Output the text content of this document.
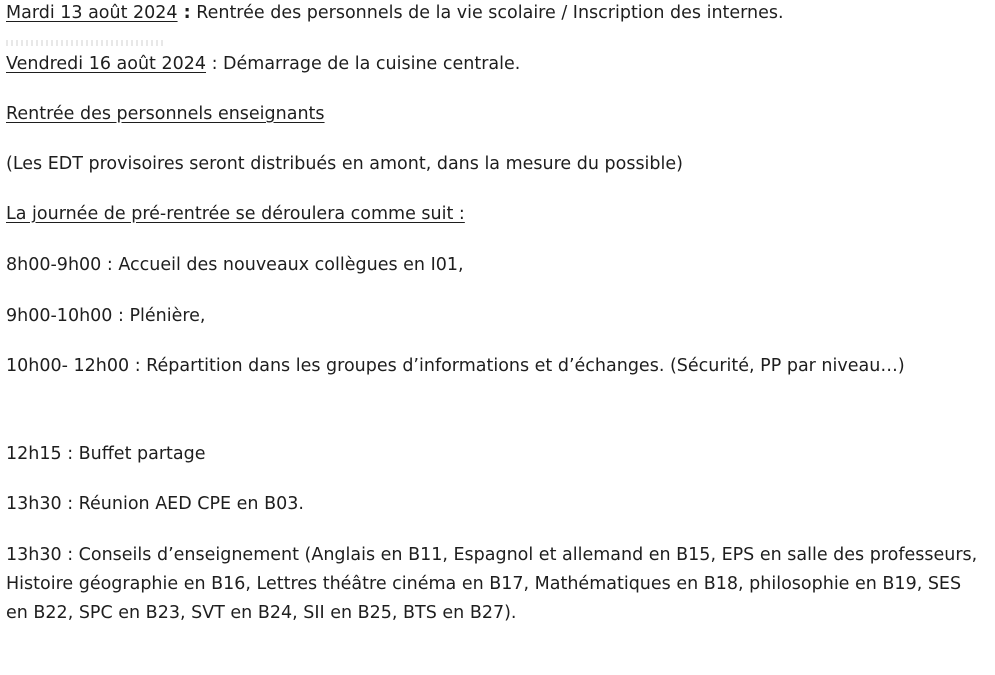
Mardi 13 août 2024 : Rentrée des personnels de la vie scolaire / Inscription des internes.
Vendredi 16 août 2024 : Démarrage de la cuisine centrale.
Rentrée des personnels enseignants
(Les EDT provisoires seront distribués en amont, dans la mesure du possible)
La journée de pré-rentrée se déroulera comme suit :
8h00-9h00 : Accueil des nouveaux collègues en I01,
9h00-10h00 : Plénière,
10h00- 12h00 : Répartition dans les groupes d’informations et d’échanges. (Sécurité, PP par niveau…)
12h15 : Buffet partage
13h30 : Réunion AED CPE en B03.
13h30 : Conseils d’enseignement (Anglais en B11, Espagnol et allemand en B15, EPS en salle des professeurs, Histoire géographie en B16, Lettres théâtre cinéma en B17, Mathématiques en B18, philosophie en B19, SES en B22, SPC en B23, SVT en B24, SII en B25, BTS en B27).
